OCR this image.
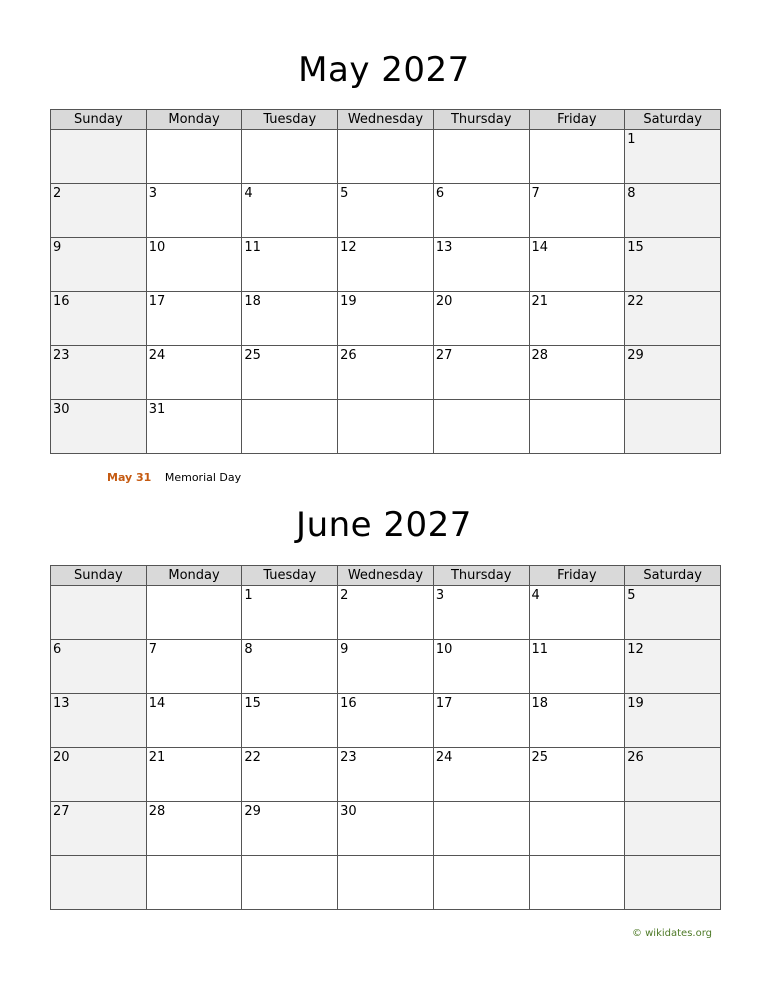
May 2027
Sunday	Monday	Tuesday	Wednesday	Thursday	Friday	Saturday

						1

2	3	4	5	6	7	8

9	10	11	12	13	14	15

16	17	18	19	20	21	22

23	24	25	26	27	28	29

30	31					

May 31 Memorial Day
June 2027
Sunday	Monday	Tuesday	Wednesday	Thursday	Friday	Saturday

		1	2	3	4	5

6	7	8	9	10	11	12

13	14	15	16	17	18	19

20	21	22	23	24	25	26

27	28	29	30			

© wikidates.org
